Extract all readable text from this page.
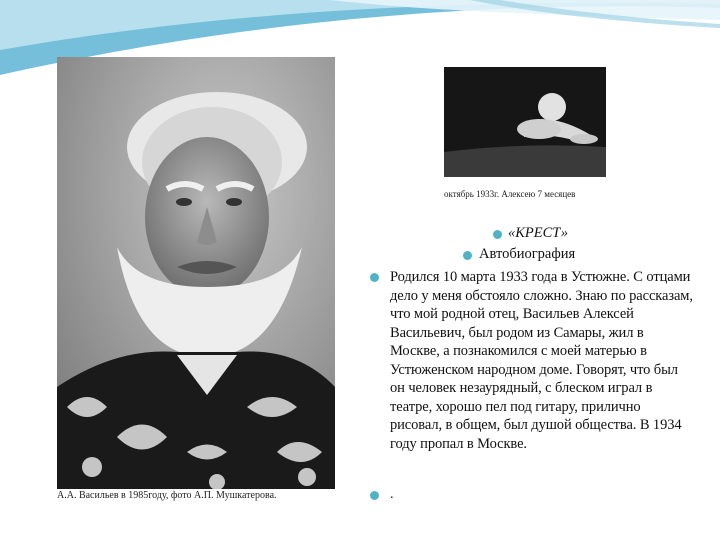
А.А. Васильев в 1985году, фото А.П. Мушкатерова.
октябрь 1933г. Алексею 7 месяцев
«КРЕСТ»
Автобиография
Родился 10 марта 1933 года в Устюжне. С отцами дело у меня обстояло сложно. Знаю по рассказам, что мой родной отец, Васильев Алексей Васильевич, был родом из Самары, жил в Москве, а познакомился с моей матерью в Устюженском народном доме. Говорят, что был он человек незаурядный, с блеском играл в театре, хорошо пел под гитару, прилично рисовал, в общем, был душой общества. В 1934 году пропал в Москве.
.
